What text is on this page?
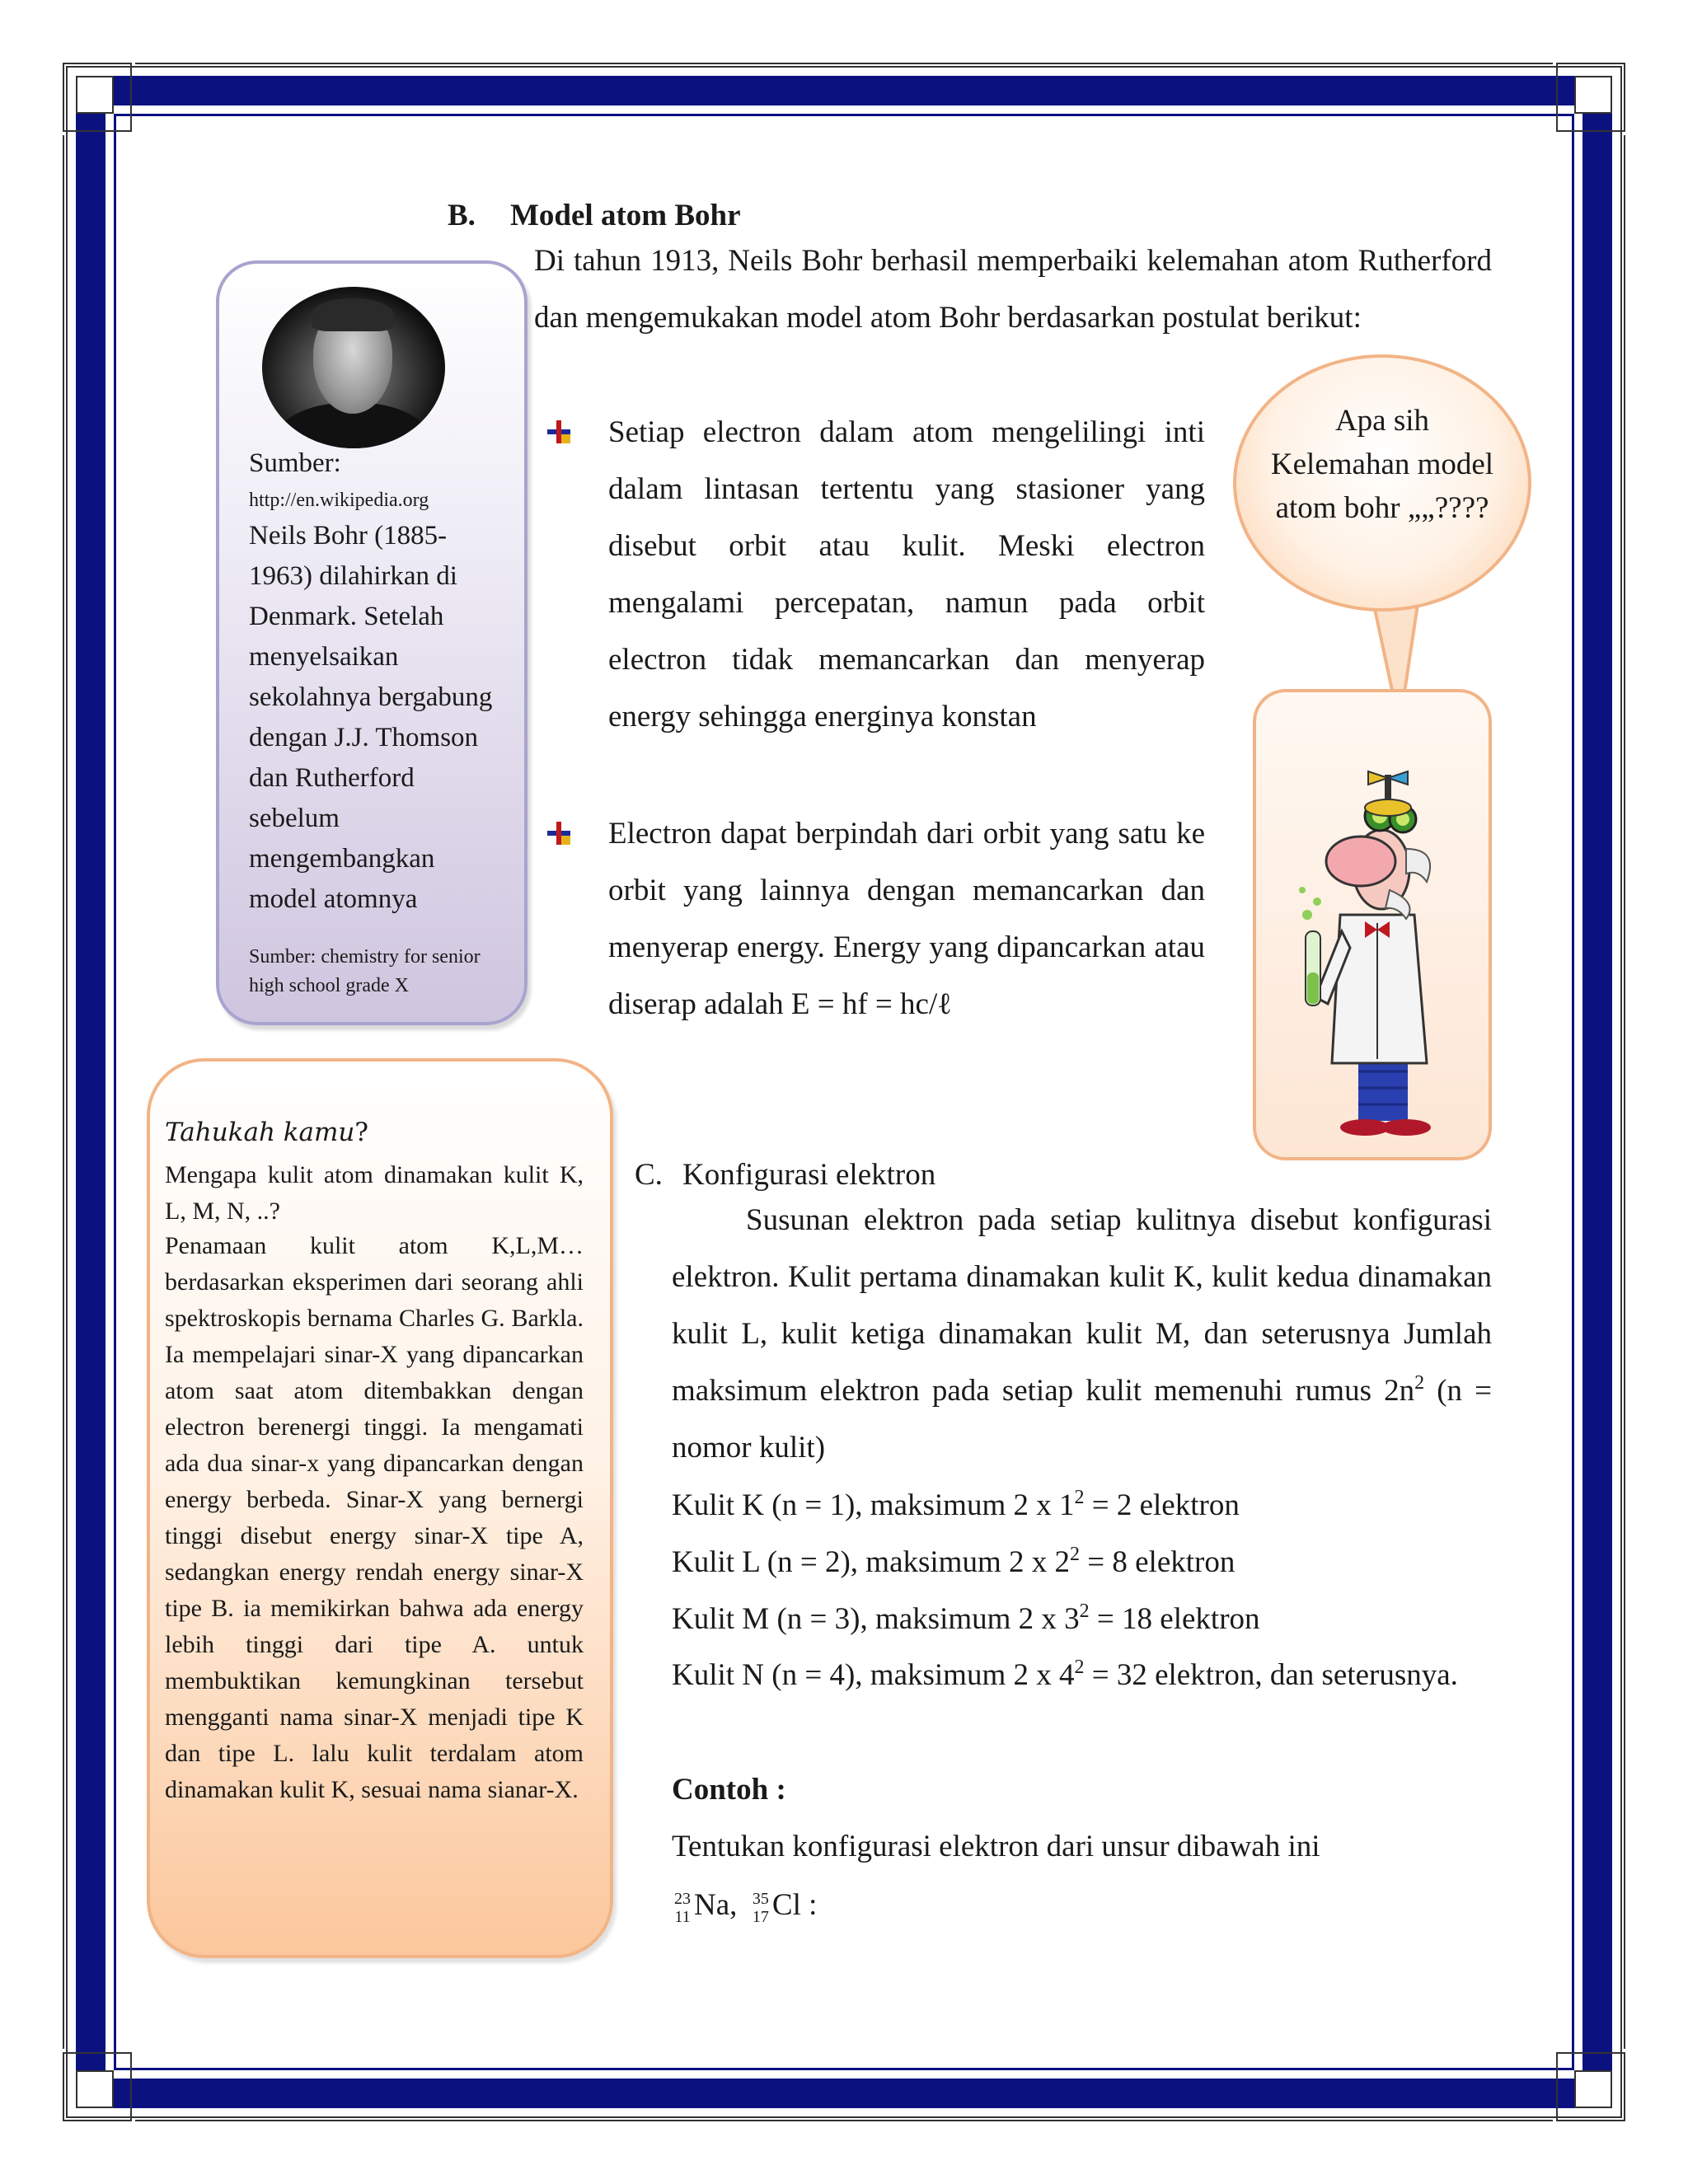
B. Model atom Bohr
Di tahun 1913, Neils Bohr berhasil memperbaiki kelemahan atom Rutherford dan mengemukakan model atom Bohr berdasarkan postulat berikut:
Setiap electron dalam atom mengelilingi inti dalam lintasan tertentu yang stasioner yang disebut orbit atau kulit. Meski electron mengalami percepatan, namun pada orbit electron tidak memancarkan dan menyerap energy sehingga energinya konstan
Electron dapat berpindah dari orbit yang satu ke orbit yang lainnya dengan memancarkan dan menyerap energy. Energy yang dipancarkan atau diserap adalah E = hf = hc/ℓ
Sumber:
http://en.wikipedia.org
Neils Bohr (1885-1963) dilahirkan di Denmark. Setelah menyelsaikan sekolahnya bergabung dengan J.J. Thomson dan Rutherford sebelum mengembangkan model atomnya
Sumber: chemistry for senior high school grade X
Apa sih Kelemahan model atom bohr „„????
Tahukah kamu?
Mengapa kulit atom dinamakan kulit K, L, M, N, ..?
Penamaan kulit atom K,L,M… berdasarkan eksperimen dari seorang ahli spektroskopis bernama Charles G. Barkla. Ia mempelajari sinar-X yang dipancarkan atom saat atom ditembakkan dengan electron berenergi tinggi. Ia mengamati ada dua sinar-x yang dipancarkan dengan energy berbeda. Sinar-X yang bernergi tinggi disebut energy sinar-X tipe A, sedangkan energy rendah energy sinar-X tipe B. ia memikirkan bahwa ada energy lebih tinggi dari tipe A. untuk membuktikan kemungkinan tersebut mengganti nama sinar-X menjadi tipe K dan tipe L. lalu kulit terdalam atom dinamakan kulit K, sesuai nama sianar-X.
C. Konfigurasi elektron
Susunan elektron pada setiap kulitnya disebut konfigurasi elektron. Kulit pertama dinamakan kulit K, kulit kedua dinamakan kulit L, kulit ketiga dinamakan kulit M, dan seterusnya Jumlah maksimum elektron pada setiap kulit memenuhi rumus $2n^2$ (n = nomor kulit)
Kulit K (n = 1), maksimum 2 x $1^2 = 2$ elektron
Kulit L (n = 2), maksimum 2 x $2^2 = 8$ elektron
Kulit M (n = 3), maksimum 2 x $3^2 = 18$ elektron
Kulit N (n = 4), maksimum 2 x $4^2 = 32$ elektron, dan seterusnya.
Contoh :
Tentukan konfigurasi elektron dari unsur dibawah ini
23
11 Na, 35
17 Cl :
